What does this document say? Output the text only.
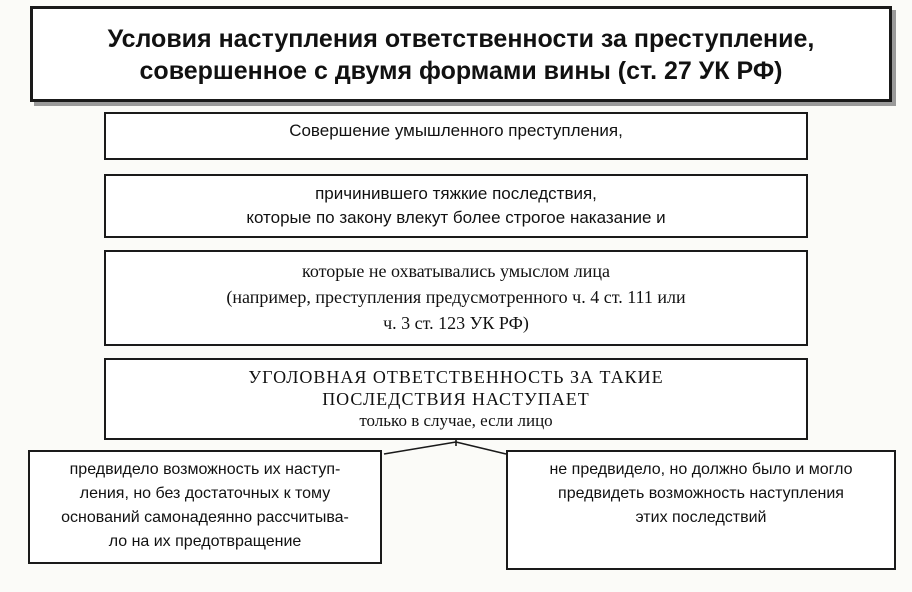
Условия наступления ответственности за преступление,
совершенное с двумя формами вины (ст. 27 УК РФ)
Совершение умышленного преступления,
причинившего тяжкие последствия,
которые по закону влекут более строгое наказание и
которые не охватывались умыслом лица
(например, преступления предусмотренного ч. 4 ст. 111 или
ч. 3 ст. 123 УК РФ)
УГОЛОВНАЯ ОТВЕТСТВЕННОСТЬ ЗА ТАКИЕ
ПОСЛЕДСТВИЯ НАСТУПАЕТ
только в случае, если лицо
предвидело возможность их наступ-
ления, но без достаточных к тому
оснований самонадеянно рассчитыва-
ло на их предотвращение
не предвидело, но должно было и могло
предвидеть возможность наступления
этих последствий
